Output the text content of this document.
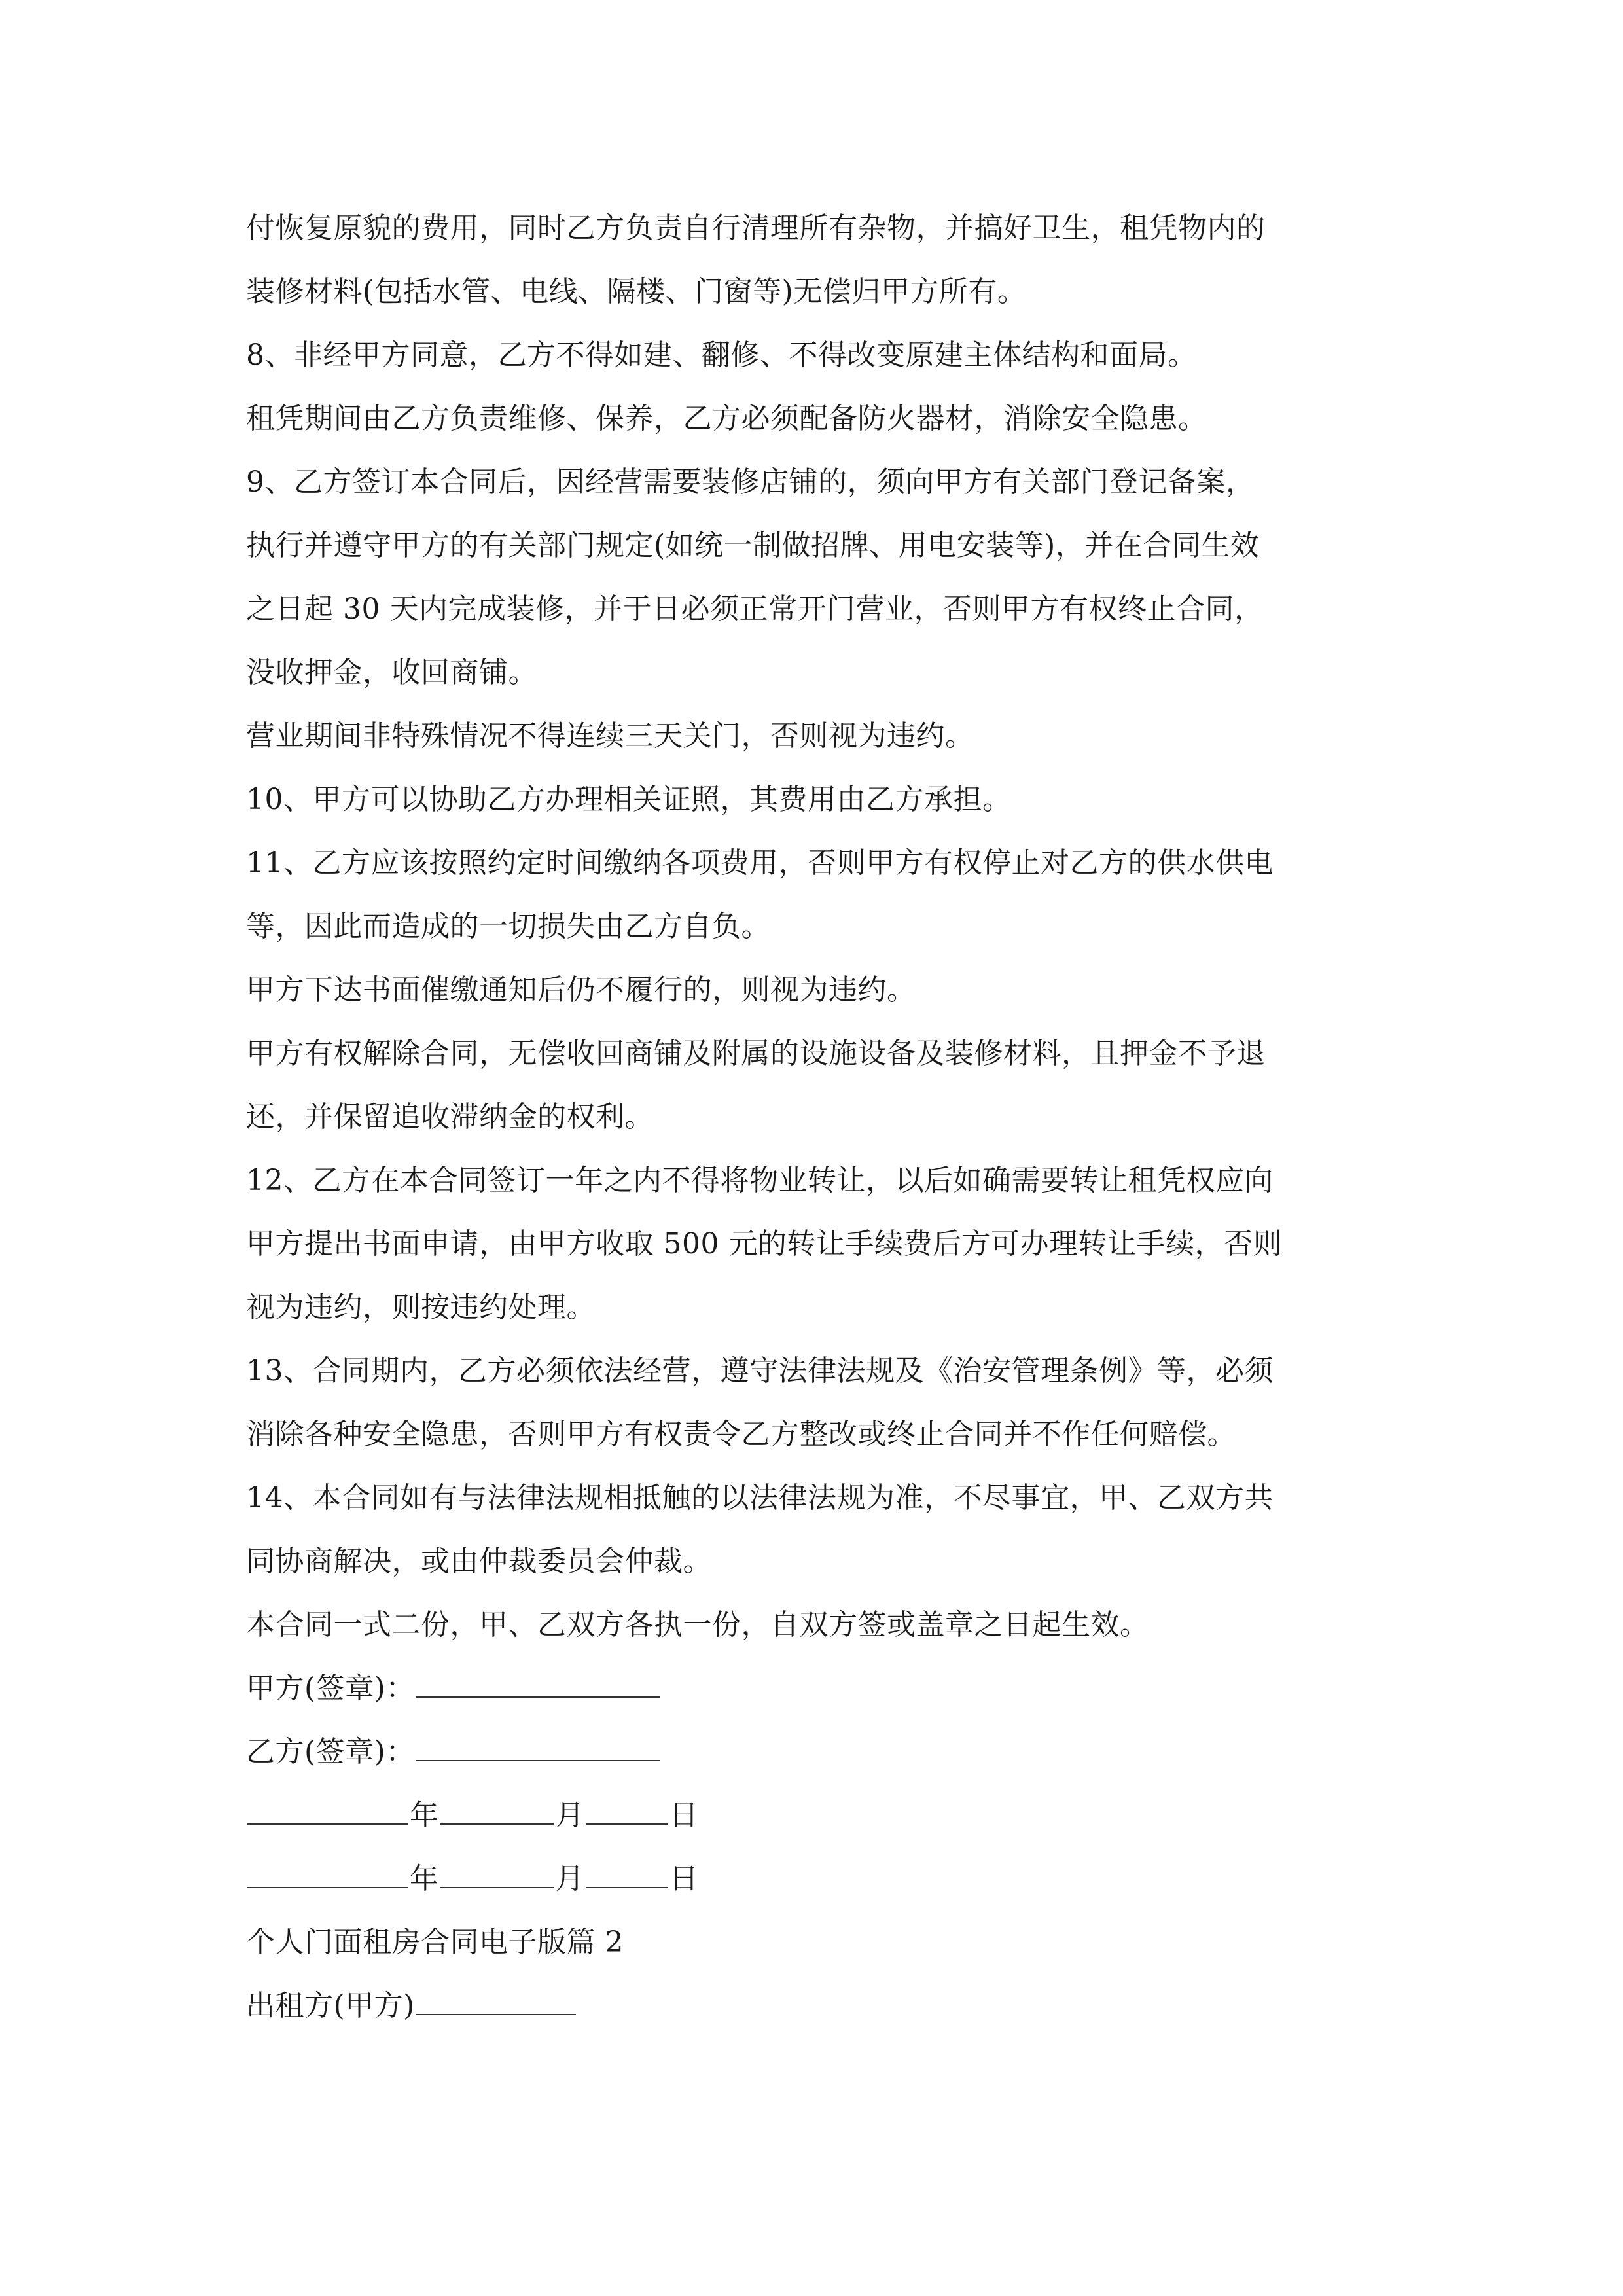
付恢复原貌的费用，同时乙方负责自行清理所有杂物，并搞好卫生，租凭物内的
装修材料(包括水管、电线、隔楼、门窗等)无偿归甲方所有。
8、非经甲方同意，乙方不得如建、翻修、不得改变原建主体结构和面局。
租凭期间由乙方负责维修、保养，乙方必须配备防火器材，消除安全隐患。
9、乙方签订本合同后，因经营需要装修店铺的，须向甲方有关部门登记备案，
执行并遵守甲方的有关部门规定(如统一制做招牌、用电安装等)，并在合同生效
之日起 30 天内完成装修，并于日必须正常开门营业，否则甲方有权终止合同，
没收押金，收回商铺。
营业期间非特殊情况不得连续三天关门，否则视为违约。
10、甲方可以协助乙方办理相关证照，其费用由乙方承担。
11、乙方应该按照约定时间缴纳各项费用，否则甲方有权停止对乙方的供水供电
等，因此而造成的一切损失由乙方自负。
甲方下达书面催缴通知后仍不履行的，则视为违约。
甲方有权解除合同，无偿收回商铺及附属的设施设备及装修材料，且押金不予退
还，并保留追收滞纳金的权利。
12、乙方在本合同签订一年之内不得将物业转让，以后如确需要转让租凭权应向
甲方提出书面申请，由甲方收取 500 元的转让手续费后方可办理转让手续，否则
视为违约，则按违约处理。
13、合同期内，乙方必须依法经营，遵守法律法规及《治安管理条例》等，必须
消除各种安全隐患，否则甲方有权责令乙方整改或终止合同并不作任何赔偿。
14、本合同如有与法律法规相抵触的以法律法规为准，不尽事宜，甲、乙双方共
同协商解决，或由仲裁委员会仲裁。
本合同一式二份，甲、乙双方各执一份，自双方签或盖章之日起生效。
甲方(签章)：
乙方(签章)：
年	月	日
年	月	日
个人门面租房合同电子版篇 2
出租方(甲方)
